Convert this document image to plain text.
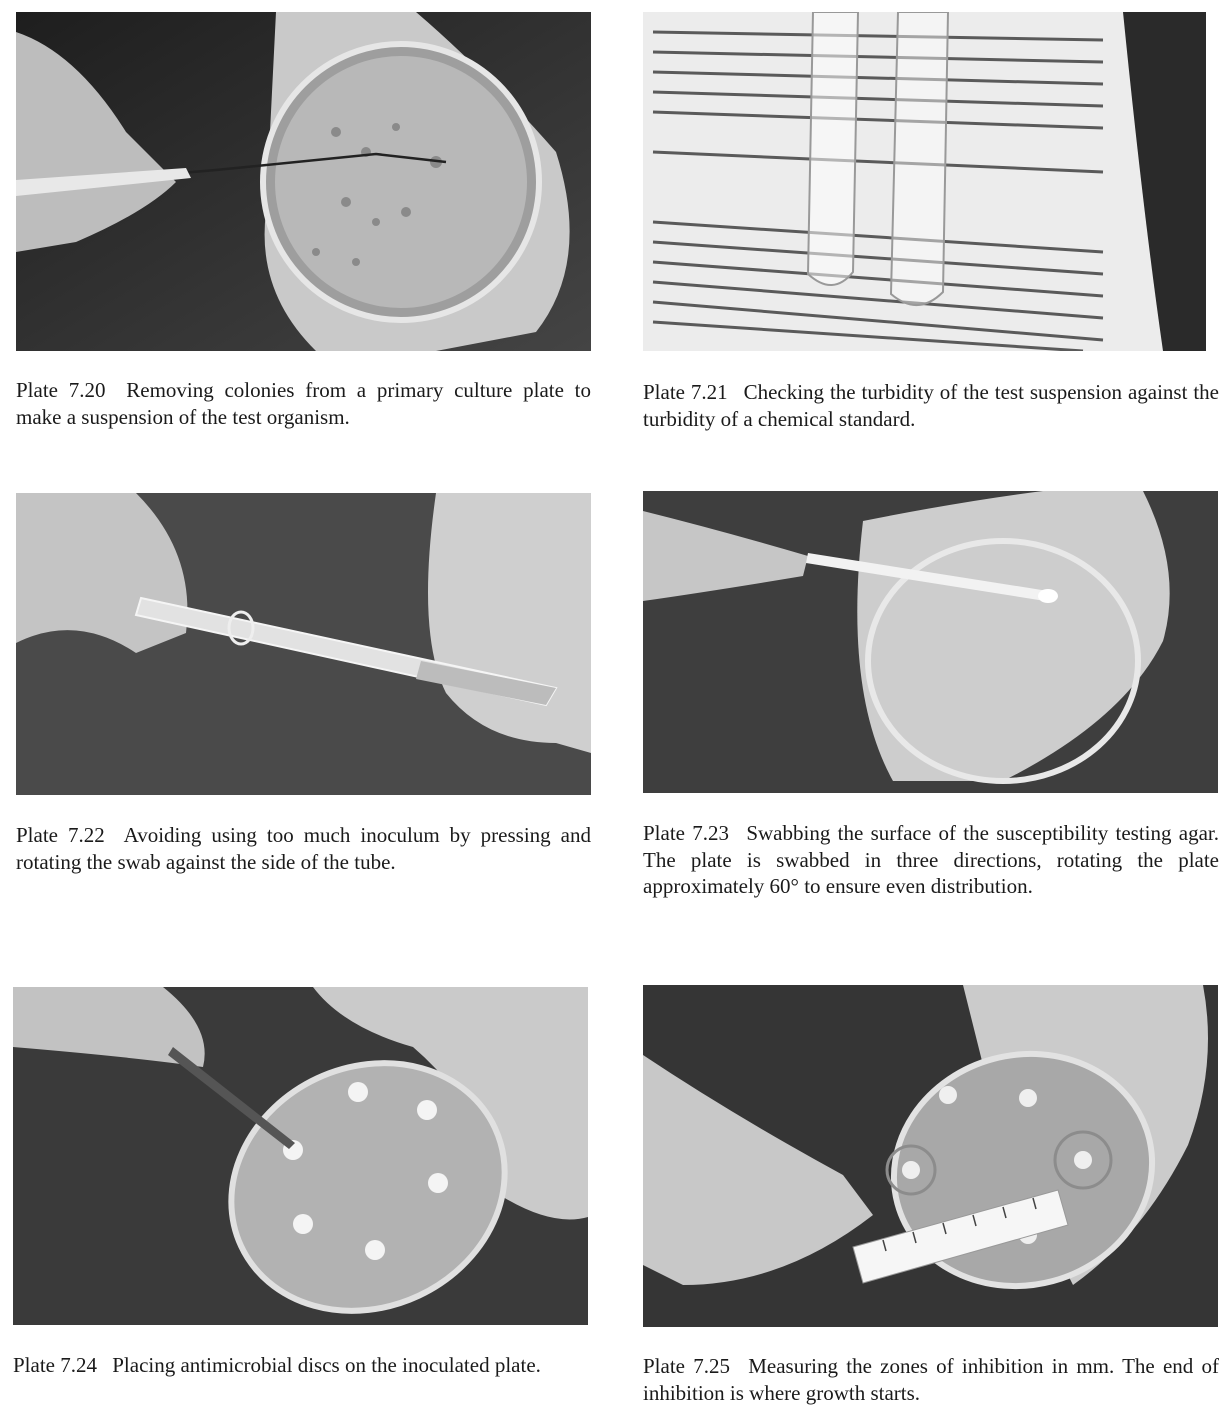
Plate 7.20 Removing colonies from a primary culture plate to make a suspension of the test organism.

Plate 7.21 Checking the turbidity of the test suspension against the turbidity of a chemical standard.

Plate 7.22 Avoiding using too much inoculum by pressing and rotating the swab against the side of the tube.

Plate 7.23 Swabbing the surface of the susceptibility testing agar. The plate is swabbed in three directions, rotating the plate approximately 60° to ensure even distribution.

Plate 7.24 Placing antimicrobial discs on the inoculated plate.	Plate 7.25 Measuring the zones of inhibition in mm. The end of inhibition is where growth starts.
